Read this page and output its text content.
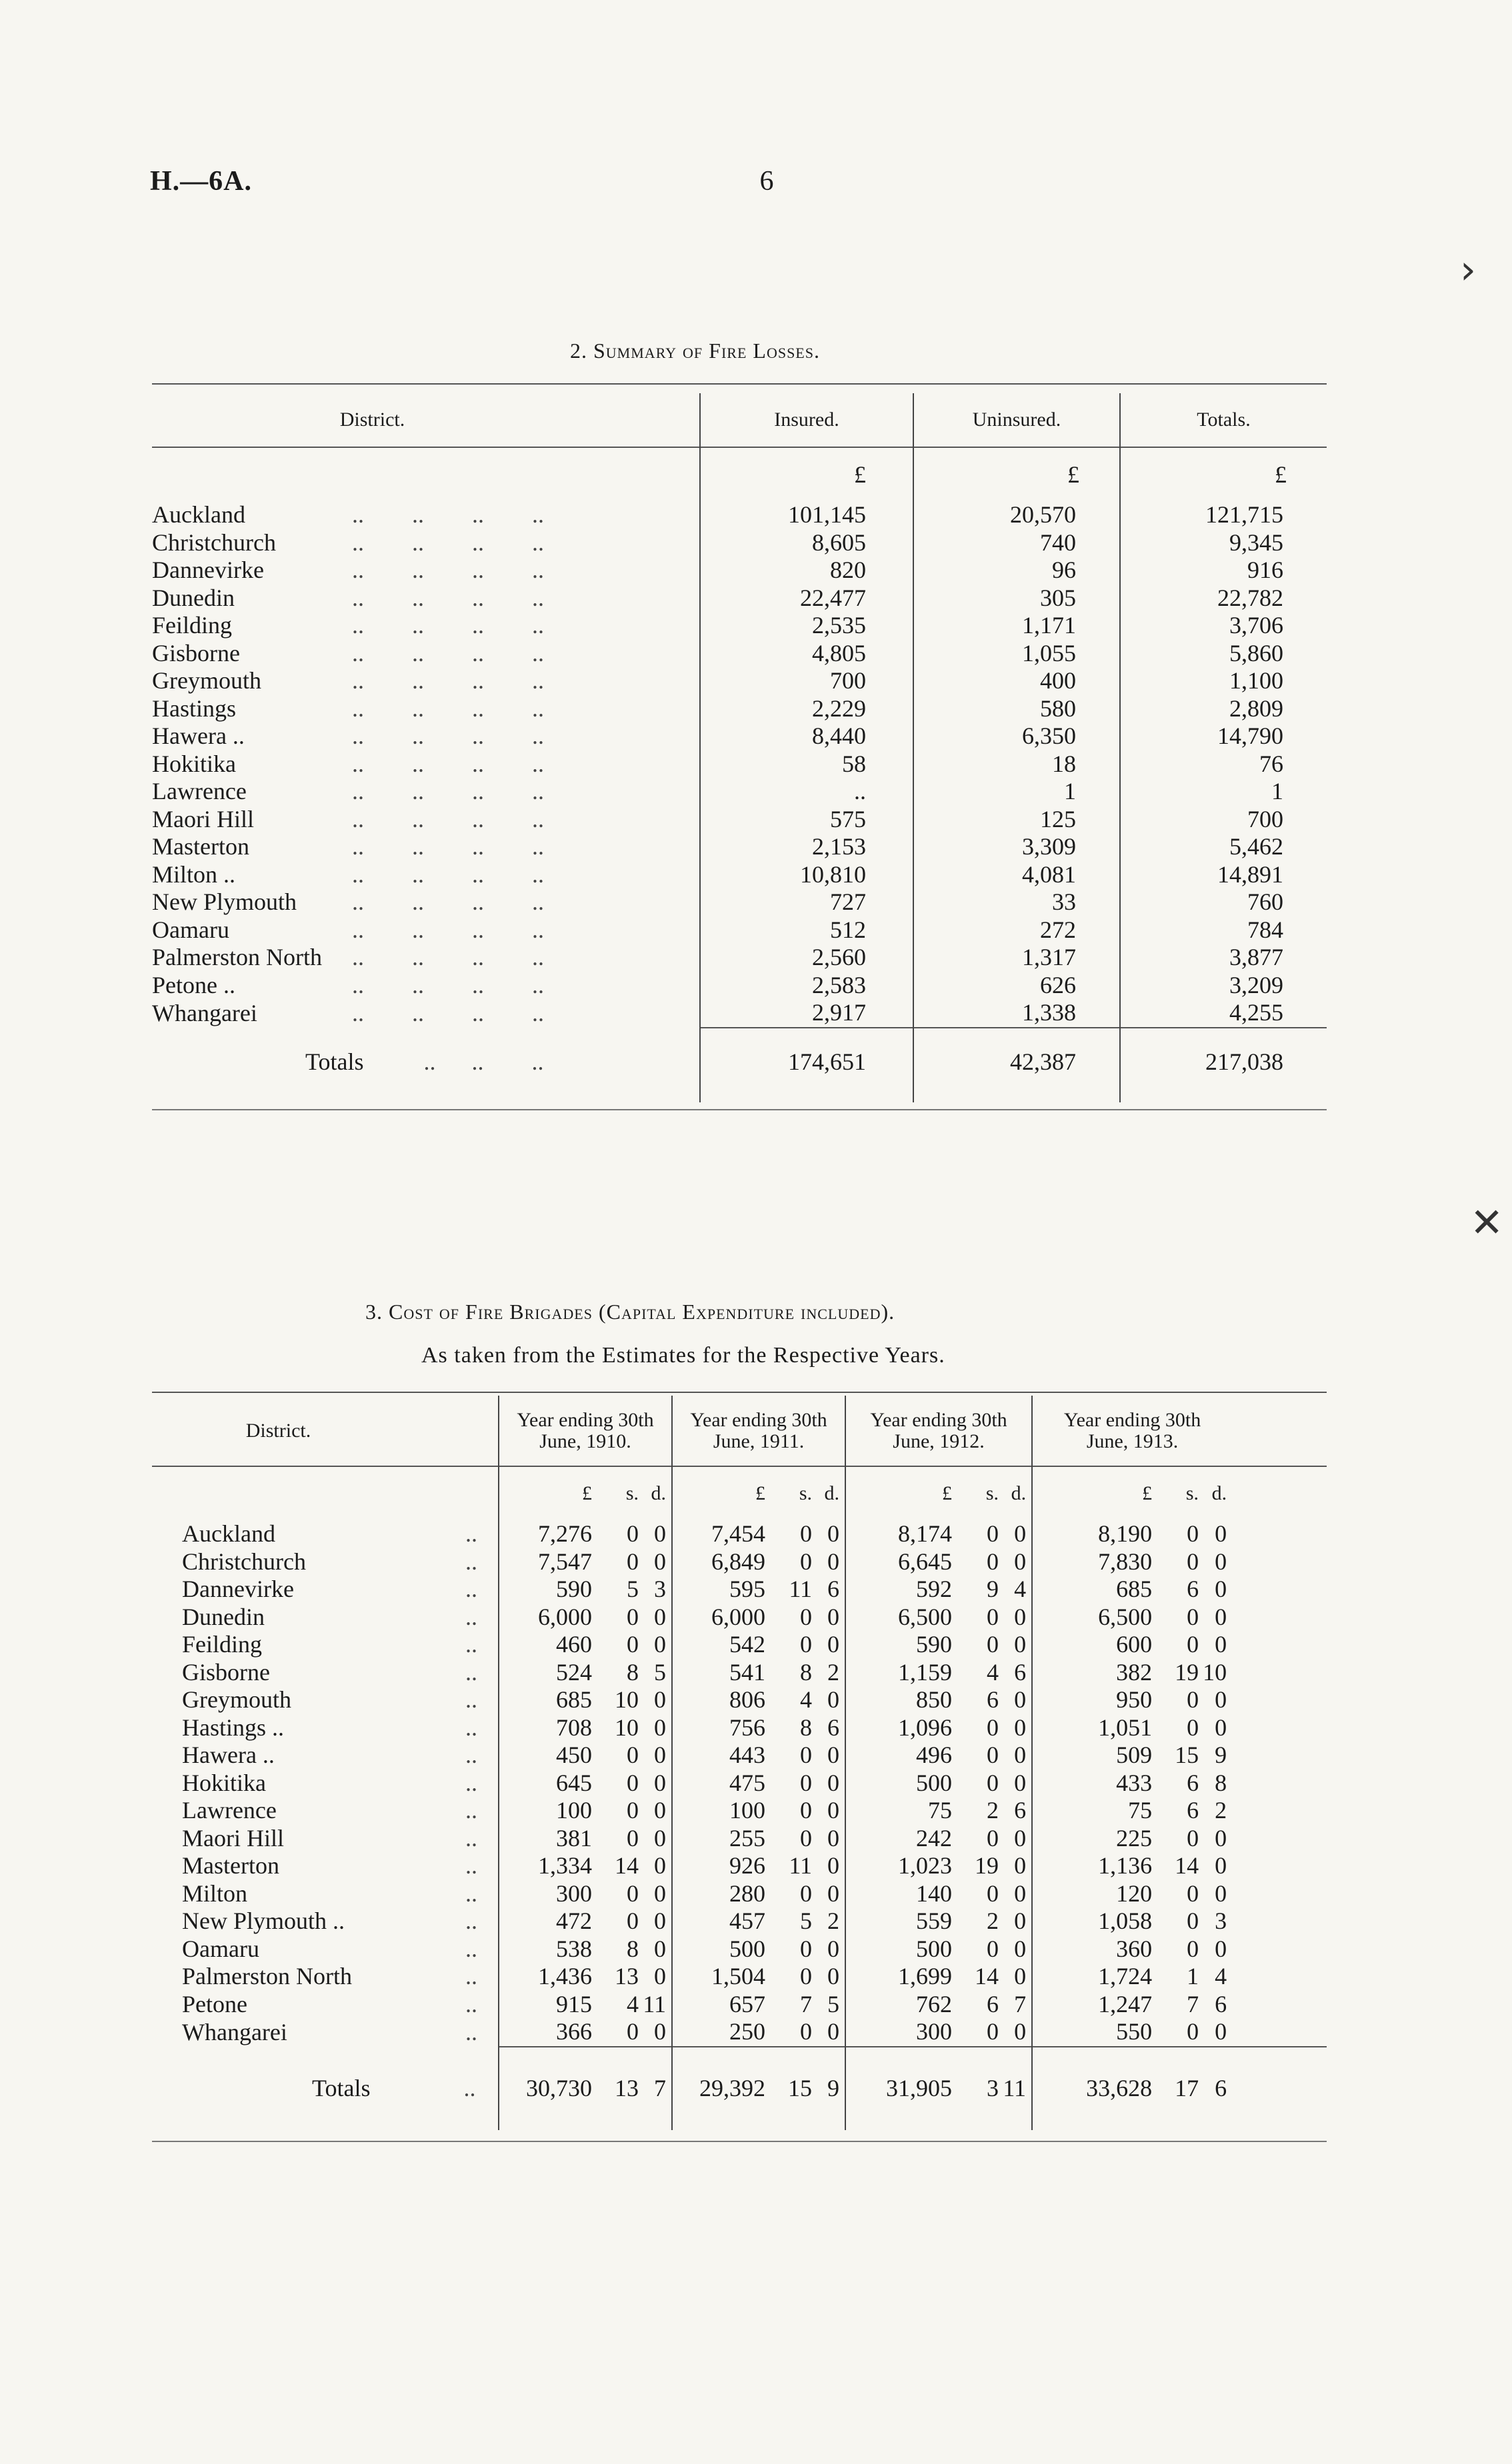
H.—6A.	6
›
✕
2. Summary of Fire Losses.
District.	Insured.	Uninsured.	Totals.
	£	£	£
Auckland ..        ..        ..        ..	101,145	20,570	121,715
Christchurch ..        ..        ..        ..	8,605	740	9,345
Dannevirke ..        ..        ..        ..	820	96	916
Dunedin ..        ..        ..        ..	22,477	305	22,782
Feilding ..        ..        ..        ..	2,535	1,171	3,706
Gisborne ..        ..        ..        ..	4,805	1,055	5,860
Greymouth ..        ..        ..        ..	700	400	1,100
Hastings ..        ..        ..        ..	2,229	580	2,809
Hawera .. ..        ..        ..        ..	8,440	6,350	14,790
Hokitika ..        ..        ..        ..	58	18	76
Lawrence ..        ..        ..        ..	..	1	1
Maori Hill ..        ..        ..        ..	575	125	700
Masterton ..        ..        ..        ..	2,153	3,309	5,462
Milton .. ..        ..        ..        ..	10,810	4,081	14,891
New Plymouth ..        ..        ..        ..	727	33	760
Oamaru ..        ..        ..        ..	512	272	784
Palmerston North ..        ..        ..        ..	2,560	1,317	3,877
Petone .. ..        ..        ..        ..	2,583	626	3,209
Whangarei ..        ..        ..        ..	2,917	1,338	4,255

Totals ..      ..        ..	174,651	42,387	217,038

3. Cost of Fire Brigades (Capital Expenditure included).
As taken from the Estimates for the Respective Years.
District.	Year ending 30th June, 1910.			Year ending 30th June, 1911.			Year ending 30th June, 1912.			Year ending 30th June, 1913.			
	£	s.	d.	£	s.	d.	£	s.	d.	£	s.	d.	
Auckland ..	7,276	0	0	7,454	0	0	8,174	0	0	8,190	0	0	
Christchurch ..	7,547	0	0	6,849	0	0	6,645	0	0	7,830	0	0	
Dannevirke ..	590	5	3	595	11	6	592	9	4	685	6	0	
Dunedin ..	6,000	0	0	6,000	0	0	6,500	0	0	6,500	0	0	
Feilding ..	460	0	0	542	0	0	590	0	0	600	0	0	
Gisborne ..	524	8	5	541	8	2	1,159	4	6	382	19	10	
Greymouth ..	685	10	0	806	4	0	850	6	0	950	0	0	
Hastings .. ..	708	10	0	756	8	6	1,096	0	0	1,051	0	0	
Hawera .. ..	450	0	0	443	0	0	496	0	0	509	15	9	
Hokitika ..	645	0	0	475	0	0	500	0	0	433	6	8	
Lawrence ..	100	0	0	100	0	0	75	2	6	75	6	2	
Maori Hill ..	381	0	0	255	0	0	242	0	0	225	0	0	
Masterton ..	1,334	14	0	926	11	0	1,023	19	0	1,136	14	0	
Milton ..	300	0	0	280	0	0	140	0	0	120	0	0	
New Plymouth .. ..	472	0	0	457	5	2	559	2	0	1,058	0	3	
Oamaru ..	538	8	0	500	0	0	500	0	0	360	0	0	
Palmerston North ..	1,436	13	0	1,504	0	0	1,699	14	0	1,724	1	4	
Petone ..	915	4	11	657	7	5	762	6	7	1,247	7	6	
Whangarei ..	366	0	0	250	0	0	300	0	0	550	0	0	

Totals ..	30,730	13	7	29,392	15	9	31,905	3	11	33,628	17	6	
